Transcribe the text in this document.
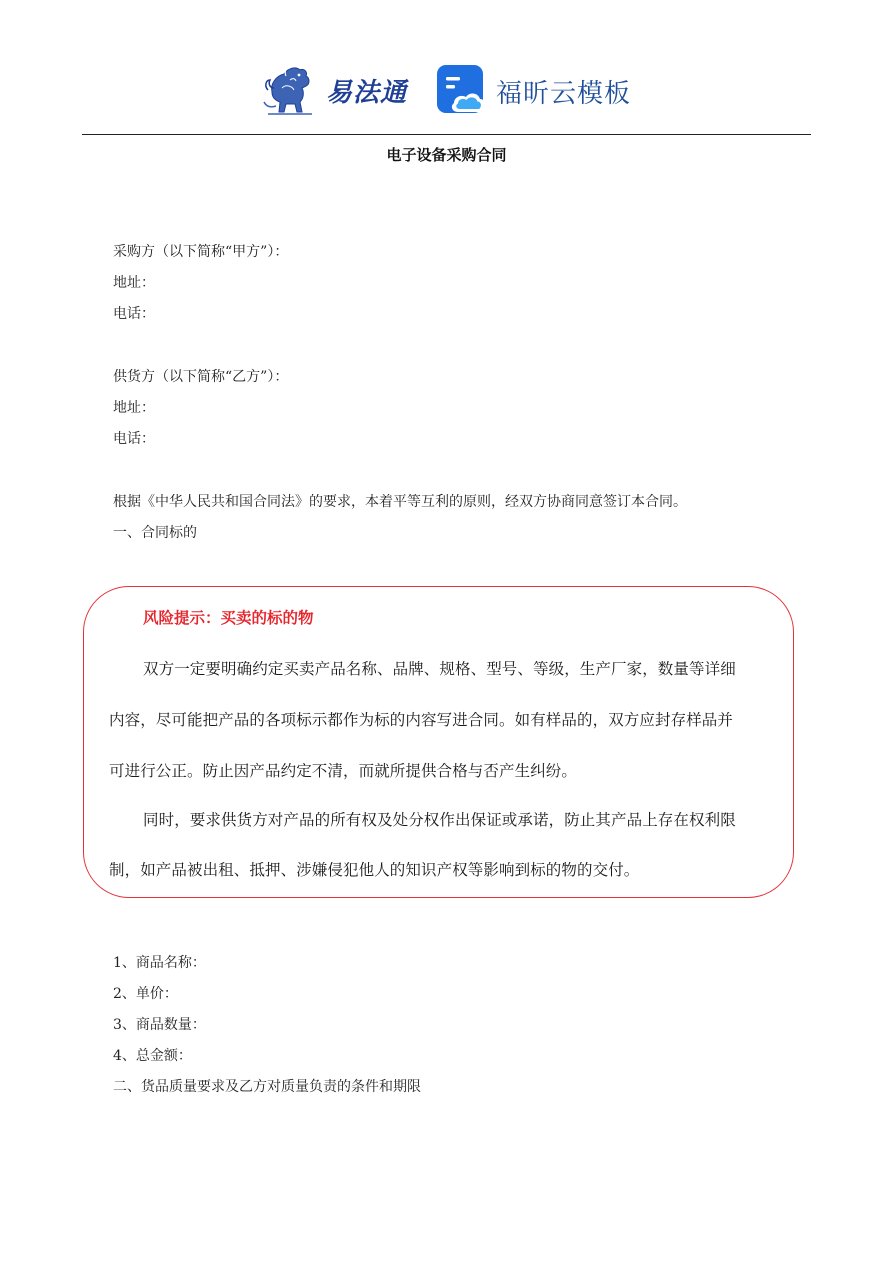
易法通	福昕云模板
电子设备采购合同
采购方（以下简称“甲方”）：
地址：
电话：
供货方（以下简称“乙方”）：
地址：
电话：
根据《中华人民共和国合同法》的要求，本着平等互利的原则，经双方协商同意签订本合同。
一、合同标的
风险提示：买卖的标的物
双方一定要明确约定买卖产品名称、品牌、规格、型号、等级，生产厂家，数量等详细
内容，尽可能把产品的各项标示都作为标的内容写进合同。如有样品的，双方应封存样品并
可进行公正。防止因产品约定不清，而就所提供合格与否产生纠纷。
同时，要求供货方对产品的所有权及处分权作出保证或承诺，防止其产品上存在权利限
制，如产品被出租、抵押、涉嫌侵犯他人的知识产权等影响到标的物的交付。
1、商品名称：
2、单价：
3、商品数量：
4、总金额：
二、货品质量要求及乙方对质量负责的条件和期限
